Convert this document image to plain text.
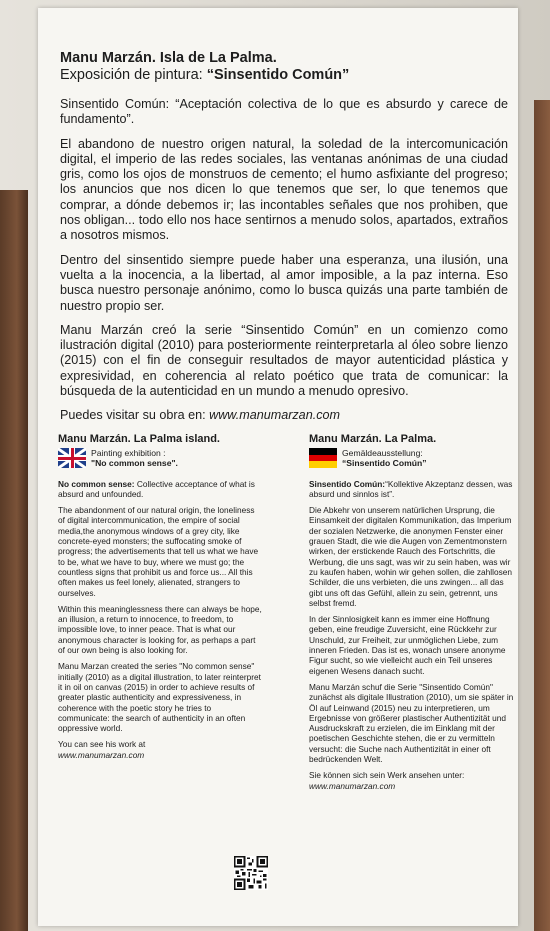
Manu Marzán. Isla de La Palma.
Exposición de pintura: “Sinsentido Común”

Sinsentido Común: “Aceptación colectiva de lo que es absurdo y carece de fundamento”.

El abandono de nuestro origen natural, la soledad de la intercomunicación digital, el imperio de las redes sociales, las ventanas anónimas de una ciudad gris, como los ojos de monstruos de cemento; el humo asfixiante del progreso; los anuncios que nos dicen lo que tenemos que ser, lo que tenemos que comprar, a dónde debemos ir; las incontables señales que nos prohiben, que nos obligan... todo ello nos hace sentirnos a menudo solos, apartados, extraños a nosotros mismos.

Dentro del sinsentido siempre puede haber una esperanza, una ilusión, una vuelta a la inocencia, a la libertad, al amor imposible, a la paz interna. Eso busca nuestro personaje anónimo, como lo busca quizás una parte también de nuestro propio ser.

Manu Marzán creó la serie “Sinsentido Común” en un comienzo como ilustración digital (2010) para posteriormente reinterpretarla al óleo sobre lienzo (2015) con el fin de conseguir resultados de mayor autenticidad plástica y expresividad, en coherencia al relato poético que trata de comunicar: la búsqueda de la autenticidad en un mundo a menudo opresivo.

Puedes visitar su obra en: www.manumarzan.com

Manu Marzán. La Palma island.
Painting exhibition :
"No common sense".

No common sense: Collective acceptance of what is absurd and unfounded.

The abandonment of our natural origin, the loneliness of digital intercommunication, the empire of social media,the anonymous windows of a grey city, like concrete-eyed monsters; the suffocating smoke of progress; the advertisements that tell us what we have to be, what we have to buy, where we must go; the countless signs that prohibit us and force us... All this often makes us feel lonely, alienated, strangers to ourselves.

Within this meaninglessness there can always be hope, an illusion, a return to innocence, to freedom, to impossible love, to inner peace. That is what our anonymous character is looking for, as perhaps a part of our own being is also looking for.

Manu Marzan created the series "No common sense" initially (2010) as a digital illustration, to later reinterpret it in oil on canvas (2015) in order to achieve results of greater plastic authenticity and expressiveness, in coherence with the poetic story he tries to communicate: the search of authenticity in an often oppressive world.

You can see his work at
www.manumarzan.com

Manu Marzán. La Palma.
Gemäldeausstellung:
“Sinsentido Común”

Sinsentido Común:“Kollektive Akzeptanz dessen, was absurd und sinnlos ist”.

Die Abkehr von unserem natürlichen Ursprung, die Einsamkeit der digitalen Kommunikation, das Imperium der sozialen Netzwerke, die anonymen Fenster einer grauen Stadt, die wie die Augen von Zementmonstern wirken, der erstickende Rauch des Fortschritts, die Werbung, die uns sagt, was wir zu sein haben, was wir zu kaufen haben, wohin wir gehen sollen, die zahllosen Schilder, die uns verbieten, die uns zwingen... all das gibt uns oft das Gefühl, allein zu sein, getrennt, uns selbst fremd.

In der Sinnlosigkeit kann es immer eine Hoffnung geben, eine freudige Zuversicht, eine Rückkehr zur Unschuld, zur Freiheit, zur unmöglichen Liebe, zum inneren Frieden. Das ist es, wonach unsere anonyme Figur sucht, so wie vielleicht auch ein Teil unseres eigenen Wesens danach sucht.

Manu Marzán schuf die Serie "Sinsentido Común" zunächst als digitale Illustration (2010), um sie später in Öl auf Leinwand (2015) neu zu interpretieren, um Ergebnisse von größerer plastischer Authentizität und Ausdruckskraft zu erzielen, die im Einklang mit der poetischen Geschichte stehen, die er zu vermitteln versucht: die Suche nach Authentizität in einer oft bedrückenden Welt.

Sie können sich sein Werk ansehen unter:
www.manumarzan.com
